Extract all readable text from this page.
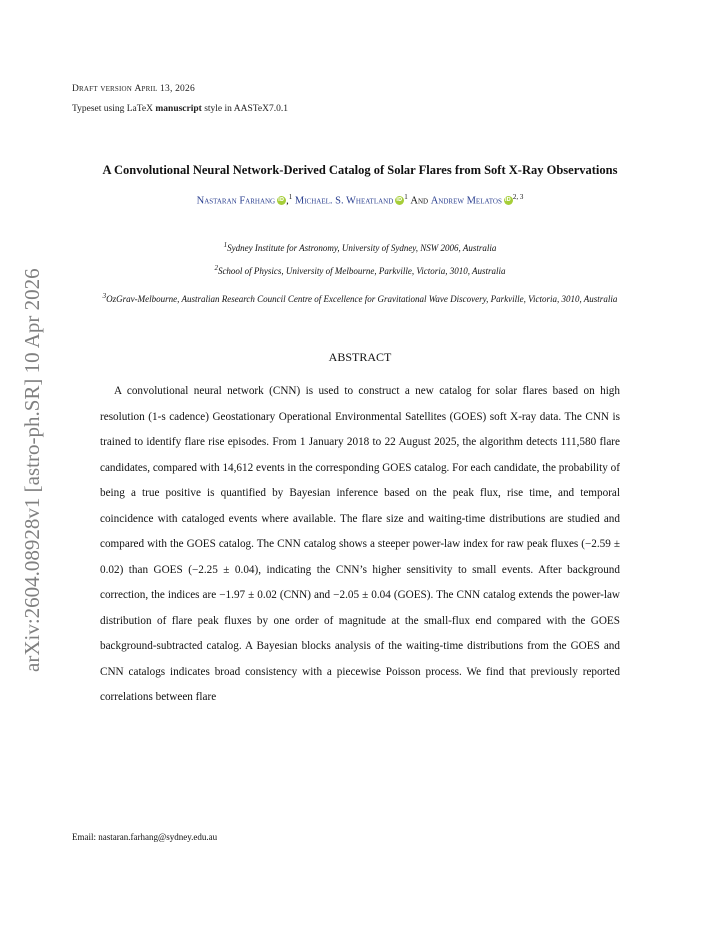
arXiv:2604.08928v1 [astro-ph.SR] 10 Apr 2026
Draft version April 13, 2026
Typeset using LaTeX manuscript style in AASTeX7.0.1
A Convolutional Neural Network-Derived Catalog of Solar Flares from Soft X-Ray Observations
Nastaran Farhang iD ,$^1$ Michael. S. Wheatland iD $^1$ And Andrew Melatos iD $^{2, 3}$
$^1$Sydney Institute for Astronomy, University of Sydney, NSW 2006, Australia
$^2$School of Physics, University of Melbourne, Parkville, Victoria, 3010, Australia
$^3$OzGrav-Melbourne, Australian Research Council Centre of Excellence for Gravitational Wave Discovery, Parkville, Victoria, 3010, Australia
ABSTRACT
A convolutional neural network (CNN) is used to construct a new catalog for solar flares based on high resolution (1-s cadence) Geostationary Operational Environmental Satellites (GOES) soft X-ray data. The CNN is trained to identify flare rise episodes. From 1 January 2018 to 22 August 2025, the algorithm detects 111,580 flare candidates, compared with 14,612 events in the corresponding GOES catalog. For each candidate, the probability of being a true positive is quantified by Bayesian inference based on the peak flux, rise time, and temporal coincidence with cataloged events where available. The flare size and waiting-time distributions are studied and compared with the GOES catalog. The CNN catalog shows a steeper power-law index for raw peak fluxes (−2.59 ± 0.02) than GOES (−2.25 ± 0.04), indicating the CNN’s higher sensitivity to small events. After background correction, the indices are −1.97 ± 0.02 (CNN) and −2.05 ± 0.04 (GOES). The CNN catalog extends the power-law distribution of flare peak fluxes by one order of magnitude at the small-flux end compared with the GOES background-subtracted catalog. A Bayesian blocks analysis of the waiting-time distributions from the GOES and CNN catalogs indicates broad consistency with a piecewise Poisson process. We find that previously reported correlations between flare
Email: nastaran.farhang@sydney.edu.au
